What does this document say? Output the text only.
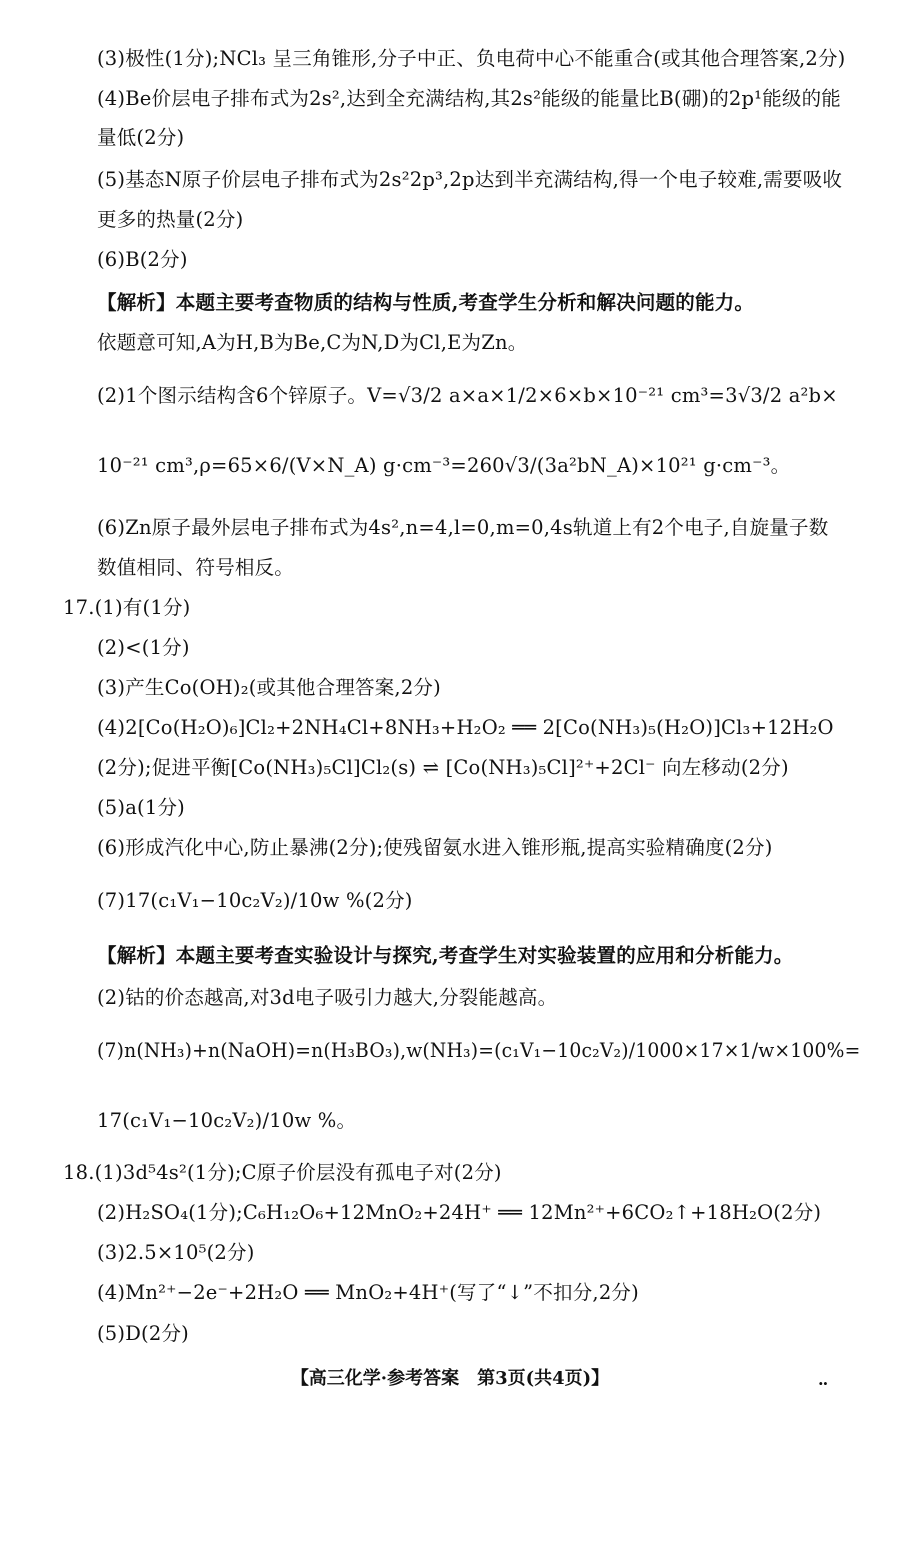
(3)极性(1分);NCl₃ 呈三角锥形,分子中正、负电荷中心不能重合(或其他合理答案,2分)
(4)Be价层电子排布式为2s²,达到全充满结构,其2s²能级的能量比B(硼)的2p¹能级的能
量低(2分)
(5)基态N原子价层电子排布式为2s²2p³,2p达到半充满结构,得一个电子较难,需要吸收
更多的热量(2分)
(6)B(2分)
【解析】本题主要考查物质的结构与性质,考查学生分析和解决问题的能力。
依题意可知,A为H,B为Be,C为N,D为Cl,E为Zn。
(2)1个图示结构含6个锌原子。V=√3/2 a×a×1/2×6×b×10⁻²¹ cm³=3√3/2 a²b×
10⁻²¹ cm³,ρ=65×6/(V×N_A) g·cm⁻³=260√3/(3a²bN_A)×10²¹ g·cm⁻³。
(6)Zn原子最外层电子排布式为4s²,n=4,l=0,m=0,4s轨道上有2个电子,自旋量子数
数值相同、符号相反。
17.(1)有(1分)
(2)<(1分)
(3)产生Co(OH)₂(或其他合理答案,2分)
(4)2[Co(H₂O)₆]Cl₂+2NH₄Cl+8NH₃+H₂O₂ ══ 2[Co(NH₃)₅(H₂O)]Cl₃+12H₂O
(2分);促进平衡[Co(NH₃)₅Cl]Cl₂(s) ⇌ [Co(NH₃)₅Cl]²⁺+2Cl⁻ 向左移动(2分)
(5)a(1分)
(6)形成汽化中心,防止暴沸(2分);使残留氨水进入锥形瓶,提高实验精确度(2分)
(7)17(c₁V₁−10c₂V₂)/10w %(2分)
【解析】本题主要考查实验设计与探究,考查学生对实验装置的应用和分析能力。
(2)钴的价态越高,对3d电子吸引力越大,分裂能越高。
(7)n(NH₃)+n(NaOH)=n(H₃BO₃),w(NH₃)=(c₁V₁−10c₂V₂)/1000×17×1/w×100%=
17(c₁V₁−10c₂V₂)/10w %。
18.(1)3d⁵4s²(1分);C原子价层没有孤电子对(2分)
(2)H₂SO₄(1分);C₆H₁₂O₆+12MnO₂+24H⁺ ══ 12Mn²⁺+6CO₂↑+18H₂O(2分)
(3)2.5×10⁵(2分)
(4)Mn²⁺−2e⁻+2H₂O ══ MnO₂+4H⁺(写了“↓”不扣分,2分)
(5)D(2分)
【高三化学·参考答案　第3页(共4页)】	..
